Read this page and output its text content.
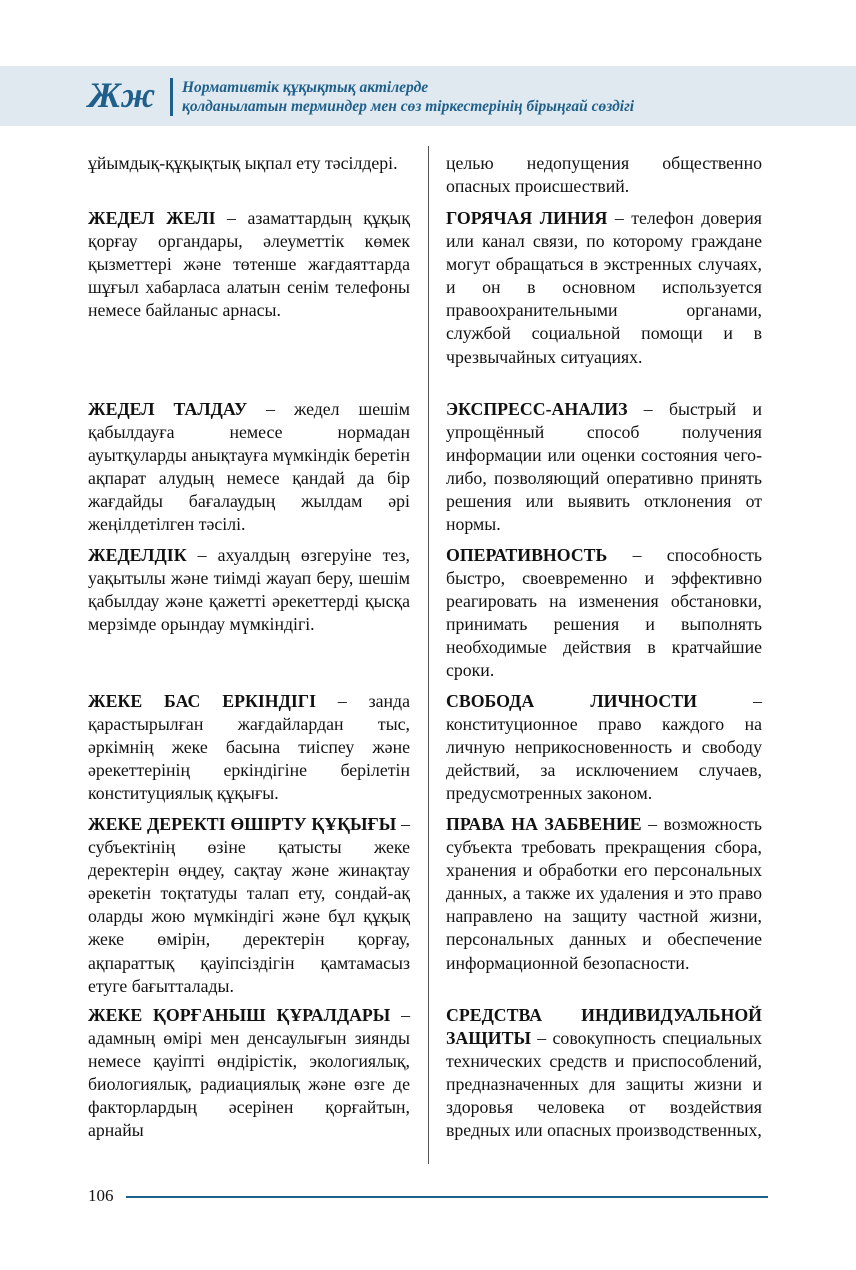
Жж Нормативтік құқықтық актілерде
қолданылатын терминдер мен сөз тіркестерінің бірыңғай сөздігі
ұйымдық-құқықтық ықпал ету тәсілдері.
ЖЕДЕЛ ЖЕЛІ – азаматтардың құқық қорғау органдары, әлеуметтік көмек қызметтері және төтенше жағдаяттарда шұғыл хабарласа алатын сенім телефоны немесе байланыс арнасы.
ЖЕДЕЛ ТАЛДАУ – жедел шешім қабылдауға немесе нормадан ауытқуларды анықтауға мүмкіндік беретін ақпарат алудың немесе қандай да бір жағдайды бағалаудың жылдам әрі жеңілдетілген тәсілі.
ЖЕДЕЛДІК – ахуалдың өзгеруіне тез, уақытылы және тиімді жауап беру, шешім қабылдау және қажетті әрекеттерді қысқа мерзімде орындау мүмкіндігі.
ЖЕКЕ БАС ЕРКІНДІГІ – занда қарастырылған жағдайлардан тыс, әркімнің жеке басына тиіспеу және әрекеттерінің еркіндігіне берілетін конституциялық құқығы.
ЖЕКЕ ДЕРЕКТІ ӨШІРТУ ҚҰҚЫҒЫ – субъектінің өзіне қатысты жеке деректерін өңдеу, сақтау және жинақтау әрекетін тоқтатуды талап ету, сондай-ақ оларды жою мүмкіндігі және бұл құқық жеке өмірін, деректерін қорғау, ақпараттық қауіпсіздігін қамтамасыз етуге бағытталады.
ЖЕКЕ ҚОРҒАНЫШ ҚҰРАЛДАРЫ – адамның өмірі мен денсаулығын зиянды немесе қауіпті өндірістік, экологиялық, биологиялық, радиациялық және өзге де факторлардың әсерінен қорғайтын, арнайы
целью недопущения общественно опасных происшествий.
ГОРЯЧАЯ ЛИНИЯ – телефон доверия или канал связи, по которому граждане могут обращаться в экстренных случаях, и он в основном используется правоохранительными органами, службой социальной помощи и в чрезвычайных ситуациях.
ЭКСПРЕСС-АНАЛИЗ – быстрый и упрощённый способ получения информации или оценки состояния чего-либо, позволяющий оперативно принять решения или выявить отклонения от нормы.
ОПЕРАТИВНОСТЬ – способность быстро, своевременно и эффективно реагировать на изменения обстановки, принимать решения и выполнять необходимые действия в кратчайшие сроки.
СВОБОДА ЛИЧНОСТИ – конституционное право каждого на личную неприкосновенность и свободу действий, за исключением случаев, предусмотренных законом.
ПРАВА НА ЗАБВЕНИЕ – возможность субъекта требовать прекращения сбора, хранения и обработки его персональных данных, а также их удаления и это право направлено на защиту частной жизни, персональных данных и обеспечение информационной безопасности.
СРЕДСТВА ИНДИВИДУАЛЬНОЙ ЗАЩИТЫ – совокупность специальных технических средств и приспособлений, предназначенных для защиты жизни и здоровья человека от воздействия вредных или опасных производственных,
106
